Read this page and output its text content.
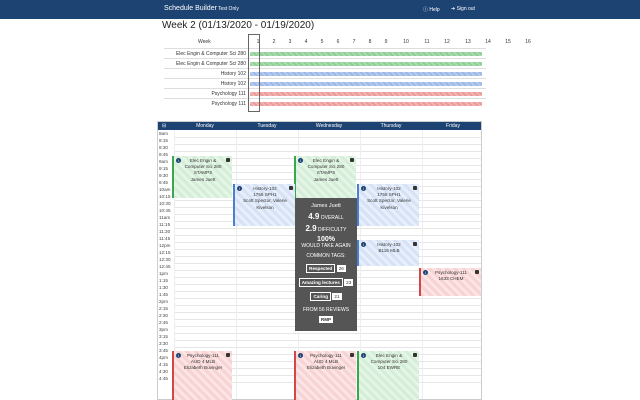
Schedule Builder Test Only	ⓘ Help ➜ Sign out
Week 2 (01/13/2020 - 01/19/2020)
Week	1	2	3	4	5	6	7	8	9	10	11	12	13	14	15	16
Elec Engin & Computer Sci 280
Elec Engin & Computer Sci 280
History 102
History 102
Psychology 111
Psychology 111
⊟	Monday	Tuesday	Wednesday	Thursday	Friday
8am
8:15
8:30
8:45
9am
9:15
9:30
9:45
10am
10:15
10:30
10:45
11am
11:15
11:30
11:45
12pm
12:15
12:30
12:45
1pm
1:15
1:30
1:45
2pm
2:15
2:30
2:45
3pm
3:15
3:30
3:45
4pm
4:15
4:30
4:45
i	Elec Engin &
Computer Sci 280
STAMPS
James Juett
i	Elec Engin &
Computer Sci 280
STAMPS
James Juett
i	History-102
1755 SPH1
Scott Spector, Valerie
Kivelson
i	History-102
1755 SPH1
Scott Spector, Valerie
Kivelson
i	History-102
B116 MLB
i	Psychology-111
1633 CHEM
i	Psychology-111
AUD 4 MLB
Elizabeth Buvinger
i	Psychology-111
AUD 4 MLB
Elizabeth Buvinger
i	Elec Engin &
Computer Sci 280
104 EWRE
James Juett
4.9 OVERALL
2.9 DIFFICULTY
100%
WOULD TAKE AGAIN
COMMON TAGS:
Respected 26
Amazing lectures 23
Caring 21
FROM 56 REVIEWS
RMP
